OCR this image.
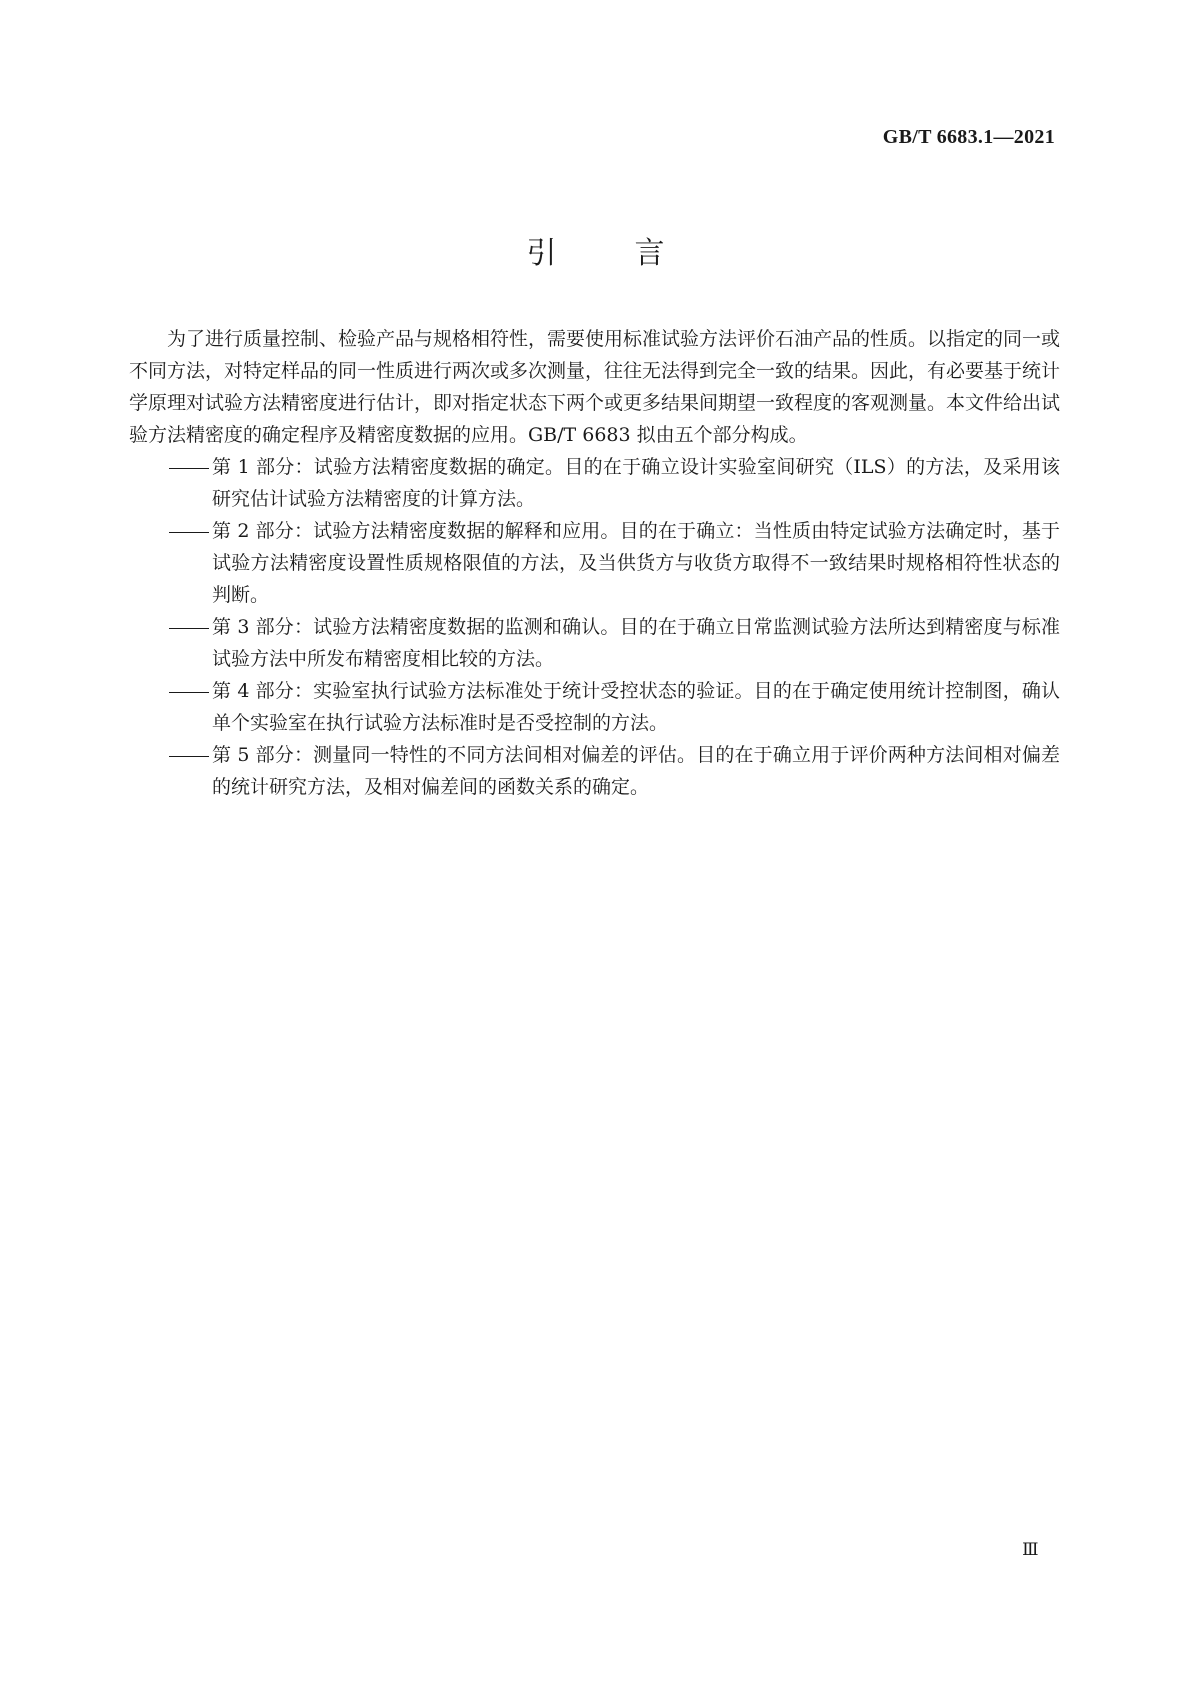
GB/T 6683.1—2021
引	言

为了进行质量控制、检验产品与规格相符性，需要使用标准试验方法评价石油产品的性质。以指定的同一或不同方法，对特定样品的同一性质进行两次或多次测量，往往无法得到完全一致的结果。因此，有必要基于统计学原理对试验方法精密度进行估计，即对指定状态下两个或更多结果间期望一致程度的客观测量。本文件给出试验方法精密度的确定程序及精密度数据的应用。GB/T 6683 拟由五个部分构成。

第 1 部分：试验方法精密度数据的确定。目的在于确立设计实验室间研究（ILS）的方法，及采用该研究估计试验方法精密度的计算方法。
第 2 部分：试验方法精密度数据的解释和应用。目的在于确立：当性质由特定试验方法确定时，基于试验方法精密度设置性质规格限值的方法，及当供货方与收货方取得不一致结果时规格相符性状态的判断。
第 3 部分：试验方法精密度数据的监测和确认。目的在于确立日常监测试验方法所达到精密度与标准试验方法中所发布精密度相比较的方法。
第 4 部分：实验室执行试验方法标准处于统计受控状态的验证。目的在于确定使用统计控制图，确认单个实验室在执行试验方法标准时是否受控制的方法。
第 5 部分：测量同一特性的不同方法间相对偏差的评估。目的在于确立用于评价两种方法间相对偏差的统计研究方法，及相对偏差间的函数关系的确定。
Ⅲ
